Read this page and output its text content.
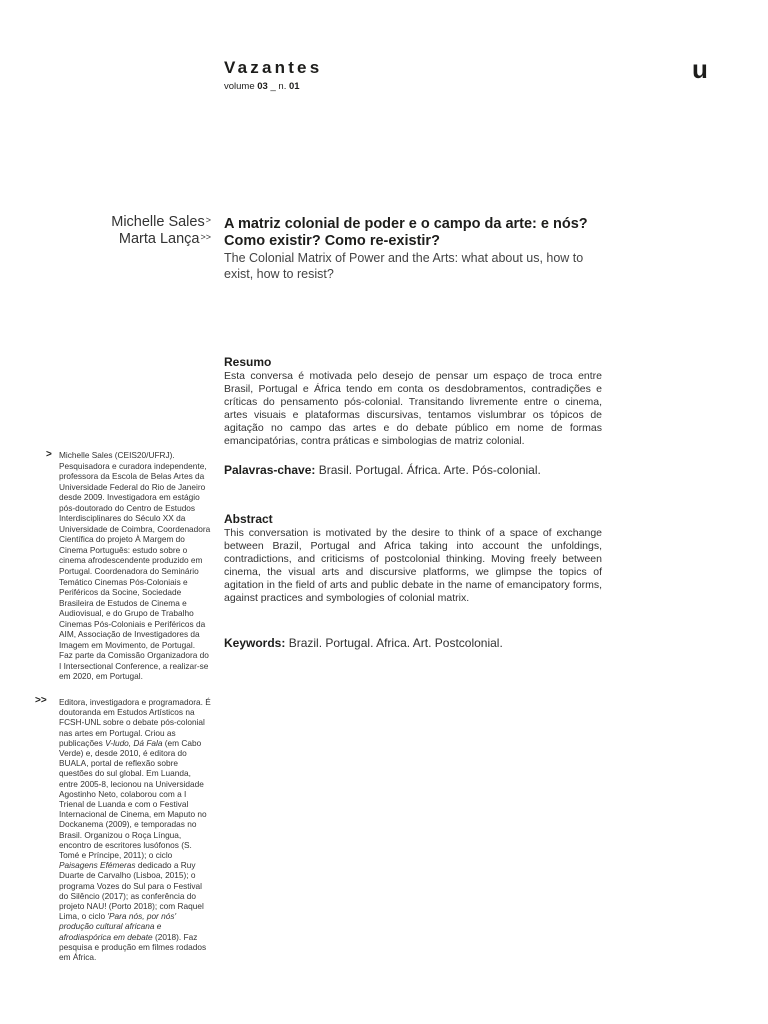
Vazantes
volume 03 _ n. 01
u
Michelle Sales>
Marta Lança>>
A matriz colonial de poder e o campo da arte: e nós? Como existir? Como re-existir?
The Colonial Matrix of Power and the Arts: what about us, how to exist, how to resist?
Resumo
Esta conversa é motivada pelo desejo de pensar um espaço de troca entre Brasil, Portugal e África tendo em conta os desdobramentos, contradições e críticas do pensamento pós-colonial. Transitando livremente entre o cinema, artes visuais e plataformas discursivas, tentamos vislumbrar os tópicos de agitação no campo das artes e do debate público em nome de formas emancipatórias, contra práticas e simbologias de matriz colonial.
Palavras-chave: Brasil. Portugal. África. Arte. Pós-colonial.
Abstract
This conversation is motivated by the desire to think of a space of exchange between Brazil, Portugal and Africa taking into account the unfoldings, contradictions, and criticisms of postcolonial thinking. Moving freely between cinema, the visual arts and discursive platforms, we glimpse the topics of agitation in the field of arts and public debate in the name of emancipatory forms, against practices and symbologies of colonial matrix.
Keywords: Brazil. Portugal. Africa. Art. Postcolonial.
> Michelle Sales (CEIS20/UFRJ). Pesquisadora e curadora independente, professora da Escola de Belas Artes da Universidade Federal do Rio de Janeiro desde 2009. Investigadora em estágio pós-doutorado do Centro de Estudos Interdisciplinares do Século XX da Universidade de Coimbra, Coordenadora Científica do projeto À Margem do Cinema Português: estudo sobre o cinema afrodescendente produzido em Portugal. Coordenadora do Seminário Temático Cinemas Pós-Coloniais e Periféricos da Socine, Sociedade Brasileira de Estudos de Cinema e Audiovisual, e do Grupo de Trabalho Cinemas Pós-Coloniais e Periféricos da AIM, Associação de Investigadores da Imagem em Movimento, de Portugal. Faz parte da Comissão Organizadora do I Intersectional Conference, a realizar-se em 2020, em Portugal.
>> Editora, investigadora e programadora. É doutoranda em Estudos Artísticos na FCSH-UNL sobre o debate pós-colonial nas artes em Portugal. Criou as publicações V-ludo, Dá Fala (em Cabo Verde) e, desde 2010, é editora do BUALA, portal de reflexão sobre questões do sul global. Em Luanda, entre 2005-8, lecionou na Universidade Agostinho Neto, colaborou com a I Trienal de Luanda e com o Festival Internacional de Cinema, em Maputo no Dockanema (2009), e temporadas no Brasil. Organizou o Roça Língua, encontro de escritores lusófonos (S. Tomé e Príncipe, 2011); o ciclo Paisagens Efémeras dedicado a Ruy Duarte de Carvalho (Lisboa, 2015); o programa Vozes do Sul para o Festival do Silêncio (2017); as conferência do projeto NAU! (Porto 2018); com Raquel Lima, o ciclo 'Para nós, por nós' produção cultural africana e afrodiaspórica em debate (2018). Faz pesquisa e produção em filmes rodados em África.
